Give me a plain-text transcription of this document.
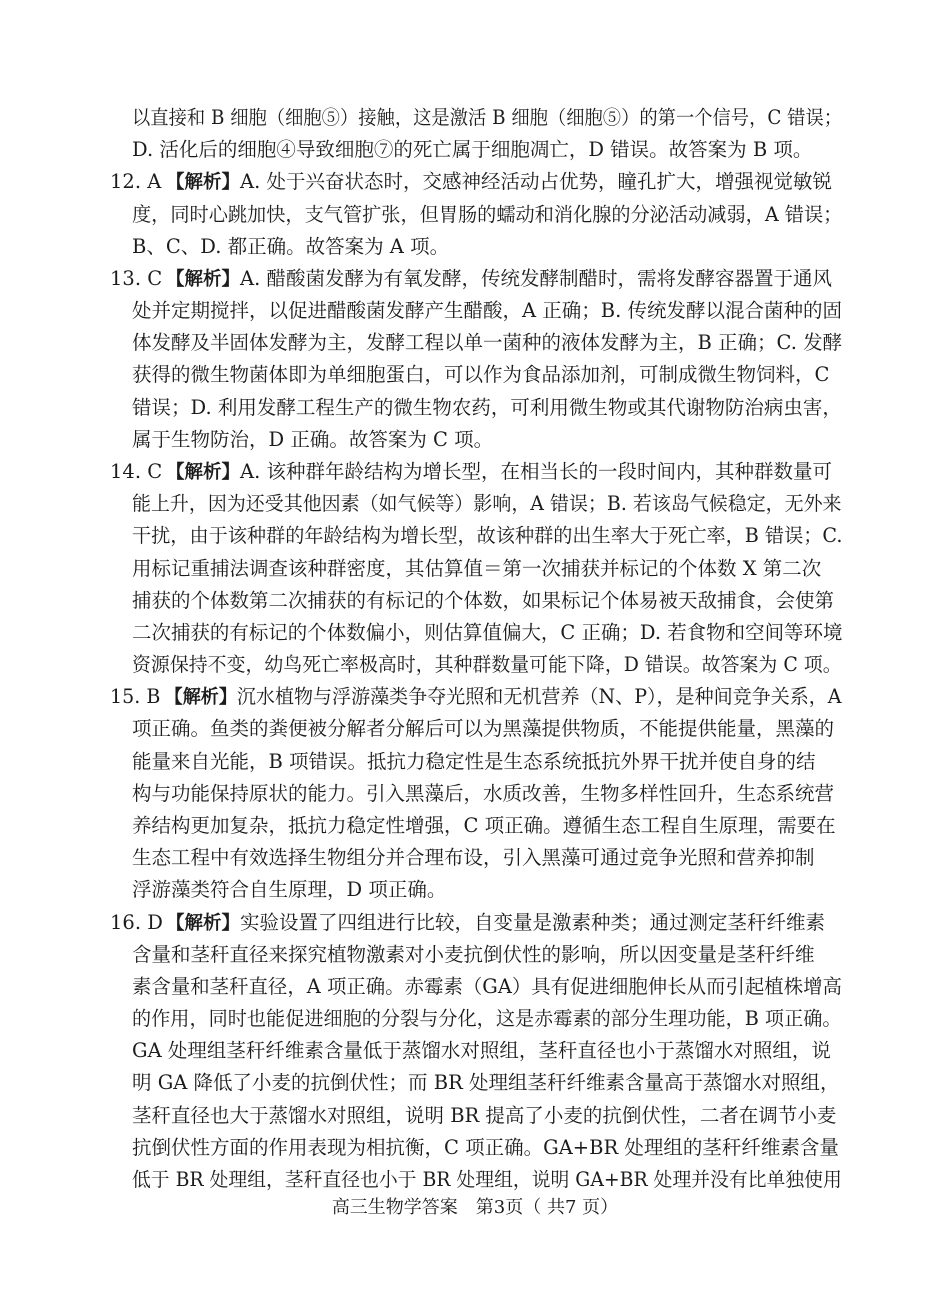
以直接和 B 细胞（细胞⑤）接触，这是激活 B 细胞（细胞⑤）的第一个信号，C 错误；
D. 活化后的细胞④导致细胞⑦的死亡属于细胞凋亡，D 错误。故答案为 B 项。
12. A 【解析】A. 处于兴奋状态时，交感神经活动占优势，瞳孔扩大，增强视觉敏锐
度，同时心跳加快，支气管扩张，但胃肠的蠕动和消化腺的分泌活动减弱，A 错误；
B、C、D. 都正确。故答案为 A 项。
13. C 【解析】A. 醋酸菌发酵为有氧发酵，传统发酵制醋时，需将发酵容器置于通风
处并定期搅拌，以促进醋酸菌发酵产生醋酸，A 正确；B. 传统发酵以混合菌种的固
体发酵及半固体发酵为主，发酵工程以单一菌种的液体发酵为主，B 正确；C. 发酵
获得的微生物菌体即为单细胞蛋白，可以作为食品添加剂，可制成微生物饲料，C
错误；D. 利用发酵工程生产的微生物农药，可利用微生物或其代谢物防治病虫害，
属于生物防治，D 正确。故答案为 C 项。
14. C 【解析】A. 该种群年龄结构为增长型，在相当长的一段时间内，其种群数量可
能上升，因为还受其他因素（如气候等）影响，A 错误；B. 若该岛气候稳定，无外来
干扰，由于该种群的年龄结构为增长型，故该种群的出生率大于死亡率，B 错误；C.
用标记重捕法调查该种群密度，其估算值＝第一次捕获并标记的个体数 X 第二次
捕获的个体数第二次捕获的有标记的个体数，如果标记个体易被天敌捕食，会使第
二次捕获的有标记的个体数偏小，则估算值偏大，C 正确；D. 若食物和空间等环境
资源保持不变，幼鸟死亡率极高时，其种群数量可能下降，D 错误。故答案为 C 项。
15. B 【解析】沉水植物与浮游藻类争夺光照和无机营养（N、P），是种间竞争关系，A
项正确。鱼类的粪便被分解者分解后可以为黑藻提供物质，不能提供能量，黑藻的
能量来自光能，B 项错误。抵抗力稳定性是生态系统抵抗外界干扰并使自身的结
构与功能保持原状的能力。引入黑藻后，水质改善，生物多样性回升，生态系统营
养结构更加复杂，抵抗力稳定性增强，C 项正确。遵循生态工程自生原理，需要在
生态工程中有效选择生物组分并合理布设，引入黑藻可通过竞争光照和营养抑制
浮游藻类符合自生原理，D 项正确。
16. D 【解析】实验设置了四组进行比较，自变量是激素种类；通过测定茎秆纤维素
含量和茎秆直径来探究植物激素对小麦抗倒伏性的影响，所以因变量是茎秆纤维
素含量和茎秆直径，A 项正确。赤霉素（GA）具有促进细胞伸长从而引起植株增高
的作用，同时也能促进细胞的分裂与分化，这是赤霉素的部分生理功能，B 项正确。
GA 处理组茎秆纤维素含量低于蒸馏水对照组，茎秆直径也小于蒸馏水对照组，说
明 GA 降低了小麦的抗倒伏性；而 BR 处理组茎秆纤维素含量高于蒸馏水对照组，
茎秆直径也大于蒸馏水对照组，说明 BR 提高了小麦的抗倒伏性，二者在调节小麦
抗倒伏性方面的作用表现为相抗衡，C 项正确。GA+BR 处理组的茎秆纤维素含量
低于 BR 处理组，茎秆直径也小于 BR 处理组，说明 GA+BR 处理并没有比单独使用
高三生物学答案　第3页（ 共7 页）
